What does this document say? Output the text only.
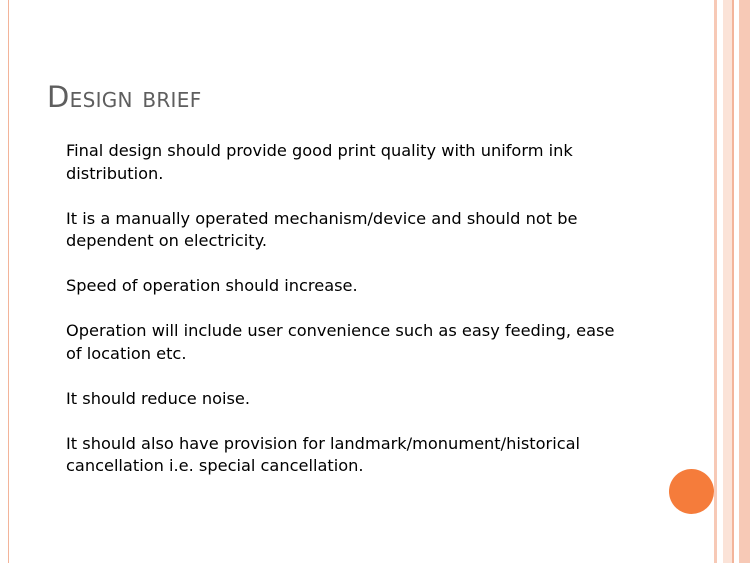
Design brief
Final design should provide good print quality with uniform ink distribution.
It is a manually operated mechanism/device and should not be dependent on electricity.
Speed of operation should increase.
Operation will include user convenience such as easy feeding, ease of location etc.
It should reduce noise.
It should also have provision for landmark/monument/historical cancellation i.e. special cancellation.
